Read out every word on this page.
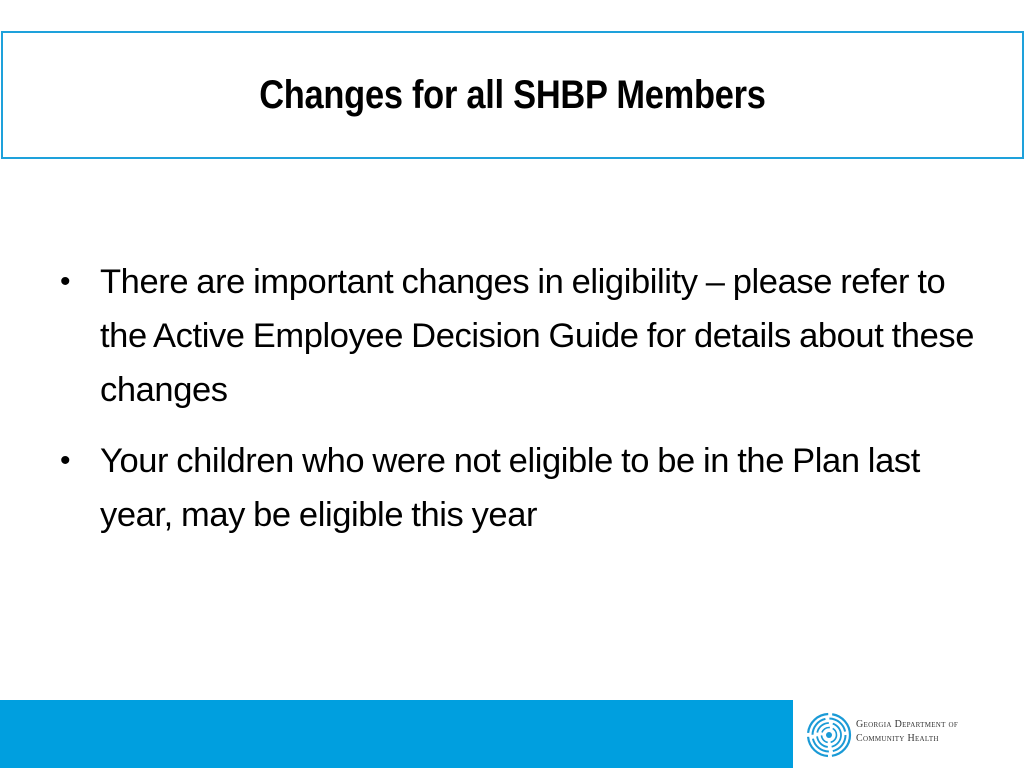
Changes for all SHBP Members
• There are important changes in eligibility – please refer to the Active Employee Decision Guide for details about these changes
• Your children who were not eligible to be in the Plan last year, may be eligible this year
Georgia Department of
Community Health
